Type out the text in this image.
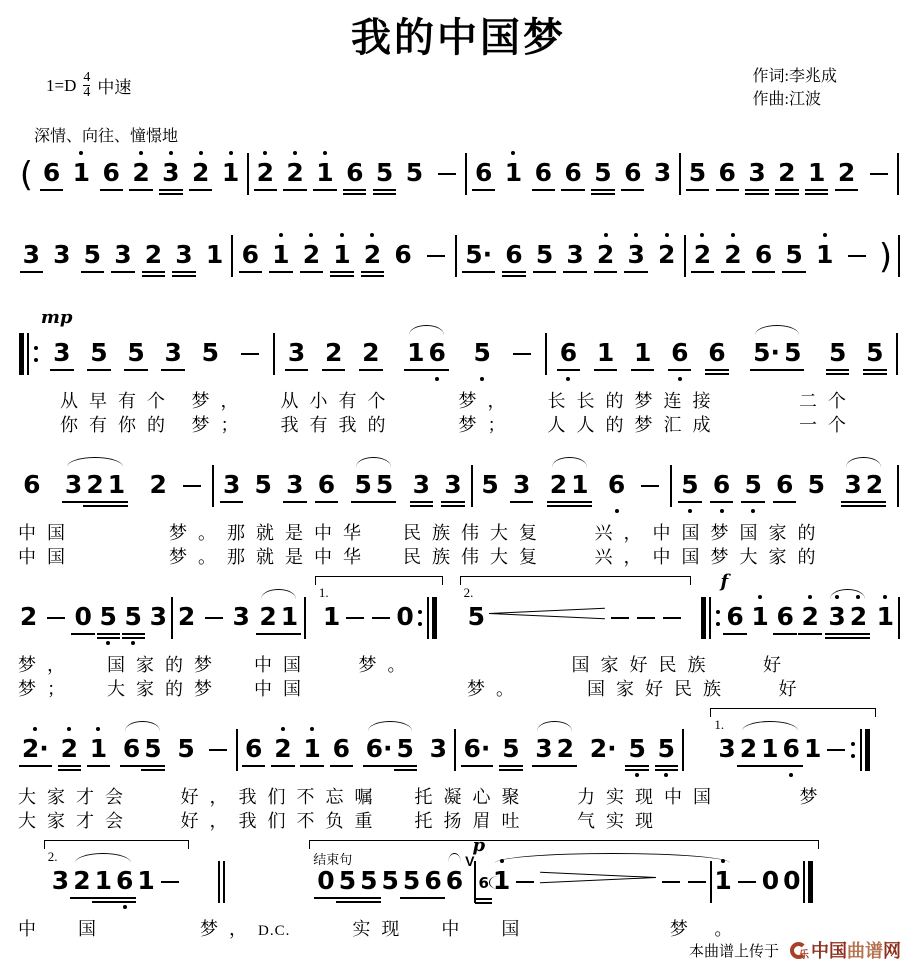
我的中国梦
$1=D \frac{4}{4}$ 中速
作词:李兆成
作曲:江波
深情、向往、憧憬地
( 6 1 6 2 3 2 1 2 2 1 6 5 5 6 1 6 6 5 6 3 5 6 3 2 1 2
3 3 5 3 2 3 1 6 1 2 1 2 6 5· 6 5 3 2 3 2 2 2 6 5 1 )
mp
3 5 5 3 5	3 2 2 1 6 5	6 1 1 6 6 5· 5 5 5
从早有个 梦，  从小有个    梦，  长长的梦连接     二个
你有你的 梦；  我有我的    梦；  人人的梦汇成     一个
6 3 2 1 2 3 5 3 6 5 5 3 3 5 3 2 1 6 5 6 5 6 5 3 2
中国      梦。那就是中华  民族伟大复   兴，中国梦国家的
中国      梦。那就是中华  民族伟大复   兴，中国梦大家的
2 0 5 5 3 2 3 2 1
1.
1 0
2.
5
f
6 1 6 2 3 2 1
梦，  国家的梦  中国   梦。          国家好民族   好
梦；  大家的梦  中国          梦。    国家好民族   好
2· 2 1 6 5 5 6 2 1 6 6· 5 3 6· 5 3 2 2· 5 5
1.
3 2 1 6 1
大家才会   好，我们不忘嘱  托凝心聚   力实现中国     梦
大家才会   好，我们不负重  托扬眉吐   气实现
2.
3 2 1 6 1
结束句
0 5 5 5 5 6 6
V
p
6 1	1 0 0
中  国      梦，D.C.    实现  中  国         梦 。
本曲谱上传于 乐 中国 曲谱 网
